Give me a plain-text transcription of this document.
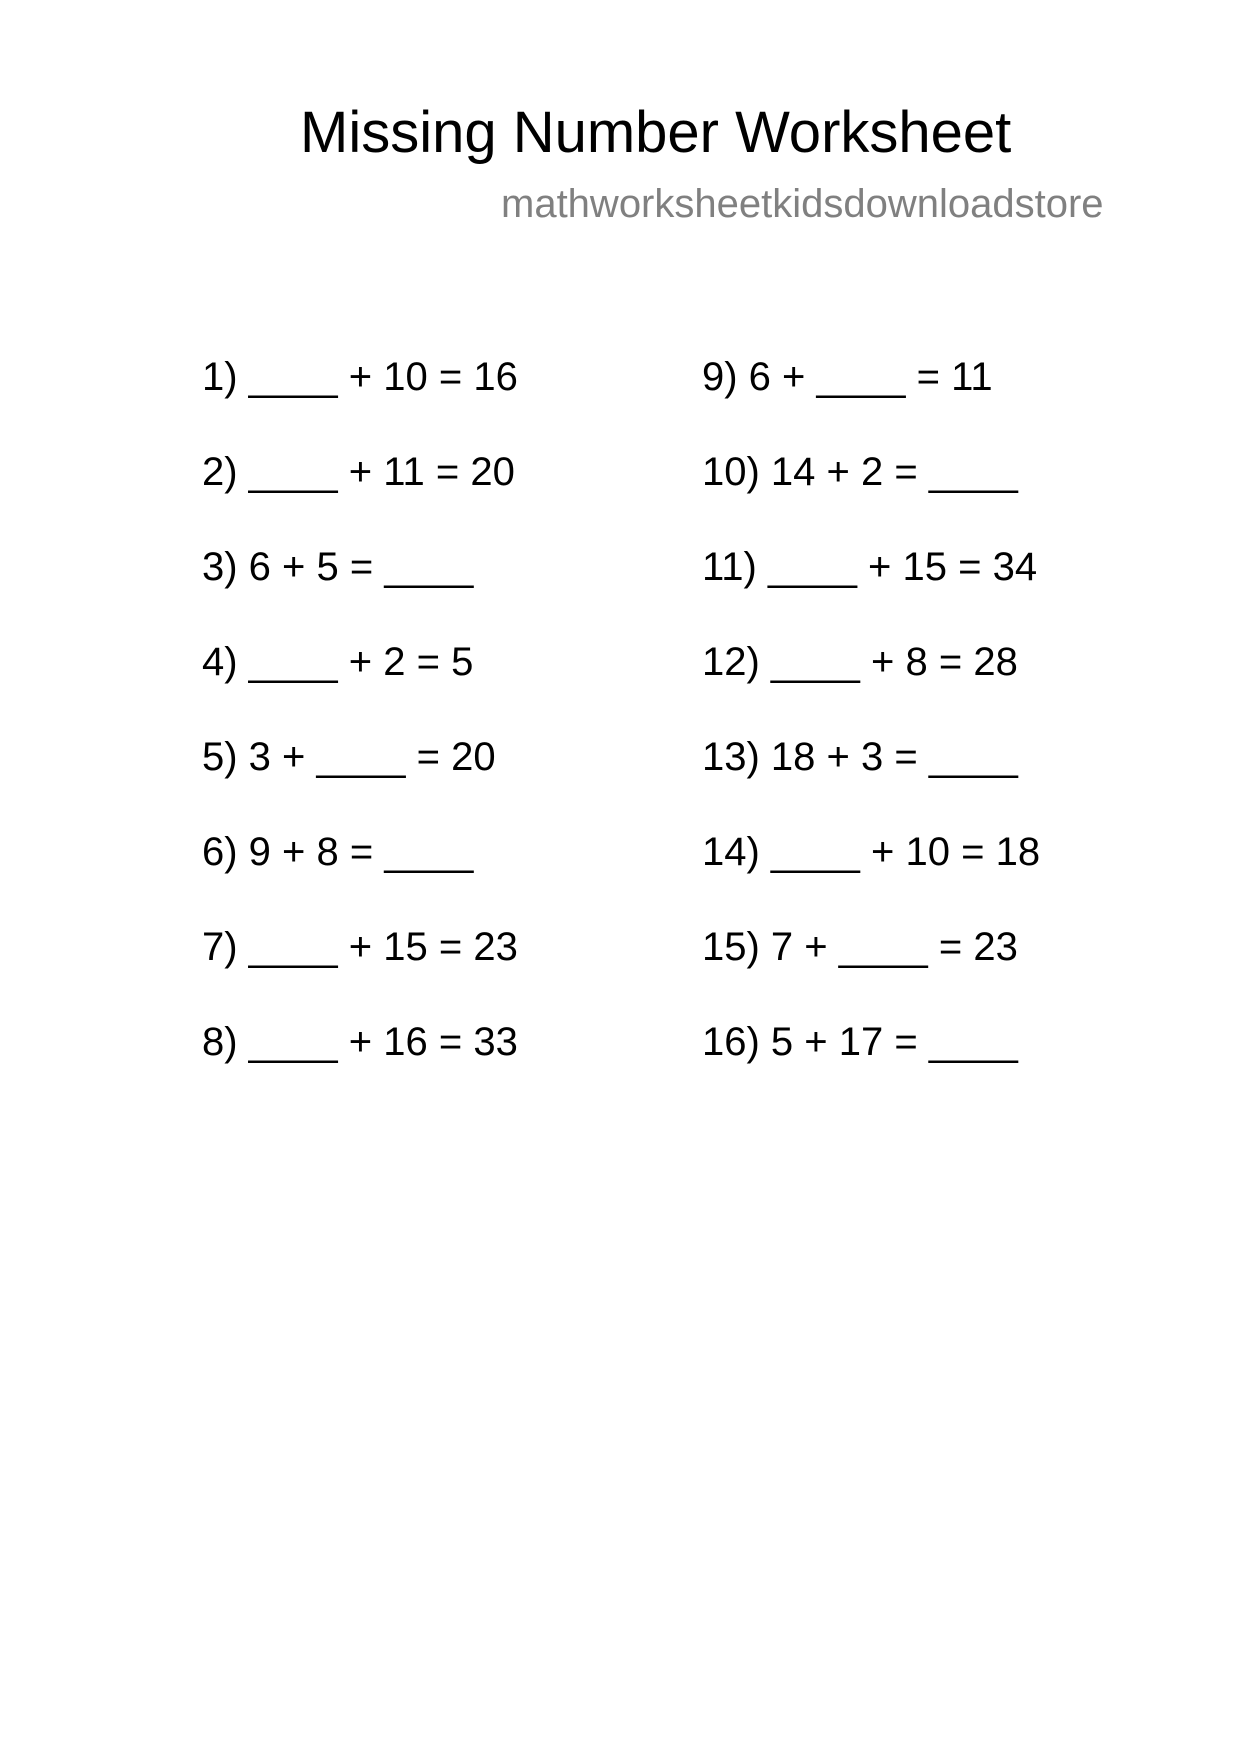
Missing Number Worksheet
mathworksheetkidsdownloadstore
1) ____ + 10 = 16
2) ____ + 11 = 20
3) 6 + 5 = ____
4) ____ + 2 = 5
5) 3 + ____ = 20
6) 9 + 8 = ____
7) ____ + 15 = 23
8) ____ + 16 = 33
9) 6 + ____ = 11
10) 14 + 2 = ____
11) ____ + 15 = 34
12) ____ + 8 = 28
13) 18 + 3 = ____
14) ____ + 10 = 18
15) 7 + ____ = 23
16) 5 + 17 = ____
